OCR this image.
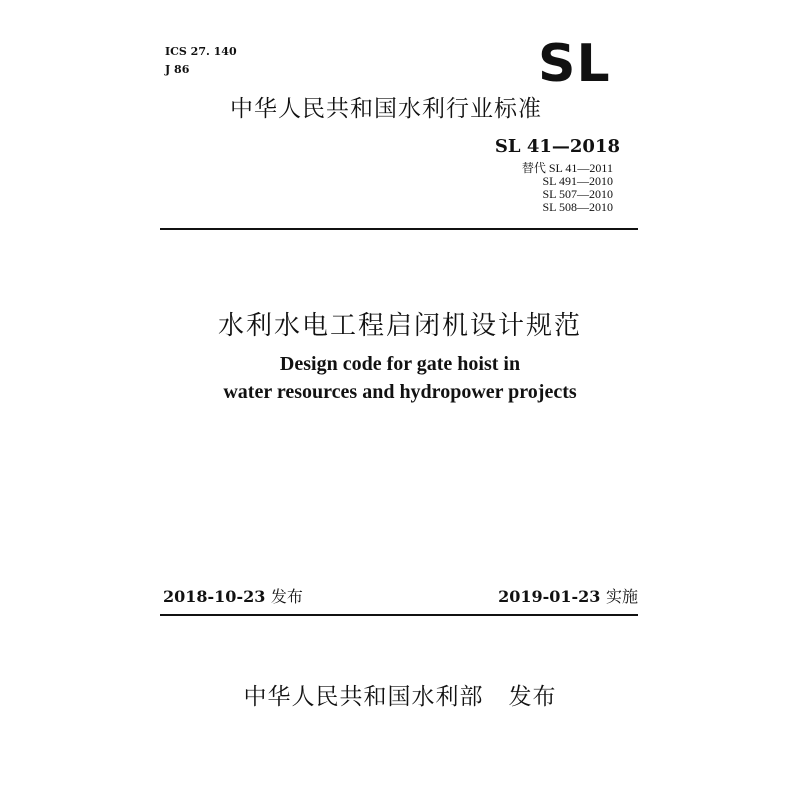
ICS 27. 140
J 86	SL
中华人民共和国水利行业标准
SL 41—2018
替代 SL 41—2011
SL 491—2010
SL 507—2010
SL 508—2010
水利水电工程启闭机设计规范
Design code for gate hoist in
water resources and hydropower projects
2018-10-23 发布	2019-01-23 实施
中华人民共和国水利部 发布
